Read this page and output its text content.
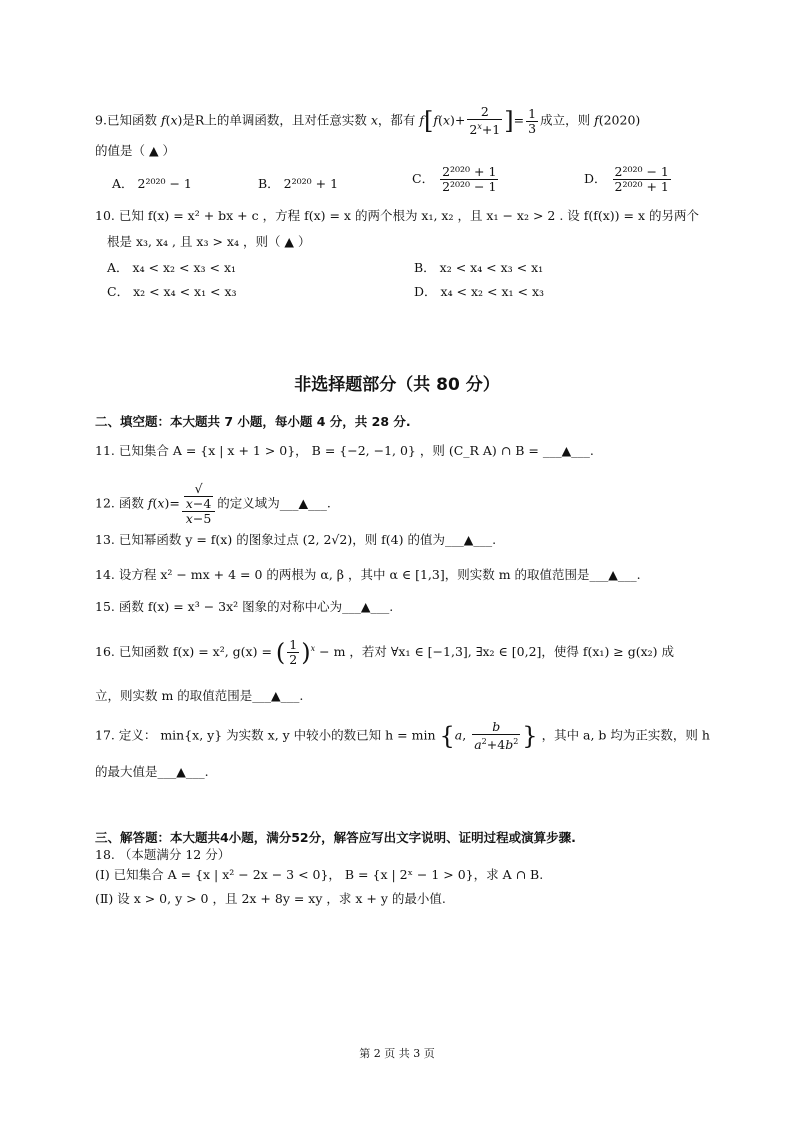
9.已知函数 f(x)是R上的单调函数，且对任意实数 x，都有 $f[f(x)+ \frac{2}{2^x+1}$ ]= $\frac{1}{3}$ 成立，则 f(2020)
的值是（ ▲ ）
A． 2²⁰²⁰ − 1	B． 2²⁰²⁰ + 1	C． $\frac{\text{2²⁰²⁰ + 1}}{\text{2²⁰²⁰ − 1}}$	D． $\frac{\text{2²⁰²⁰ − 1}}{\text{2²⁰²⁰ + 1}}$
10. 已知 f(x) = x² + bx + c ，方程 f(x) = x 的两个根为 x₁, x₂ ，且 x₁ − x₂ > 2 . 设 f(f(x)) = x 的另两个
根是 x₃, x₄ , 且 x₃ > x₄ ，则（ ▲ ）
A． x₄ < x₂ < x₃ < x₁	B． x₂ < x₄ < x₃ < x₁
C． x₂ < x₄ < x₁ < x₃	D． x₄ < x₂ < x₁ < x₃
非选择题部分（共 80 分）
二、填空题：本大题共 7 小题，每小题 4 分，共 28 分.
11. 已知集合 A = {x | x + 1 > 0}， B = {−2, −1, 0} ，则 (C_R A) ∩ B = ___▲___.
12. 函数 f(x)= √
x−4
x−5 的定义域为___▲___.
13. 已知幂函数 y = f(x) 的图象过点 (2, 2√2)，则 f(4) 的值为___▲___.
14. 设方程 x² − mx + 4 = 0 的两根为 α, β ，其中 α ∈ [1,3]，则实数 m 的取值范围是___▲___.
15. 函数 f(x) = x³ − 3x² 图象的对称中心为___▲___.
16. 已知函数 f(x) = x², g(x) = ( $\frac{1}{2} )^x - m$ ，若对 ∀x₁ ∈ [−1,3], ∃x₂ ∈ [0,2]，使得 f(x₁) ≥ g(x₂) 成
立，则实数 m 的取值范围是___▲___.
17. 定义： min{x, y} 为实数 x, y 中较小的数已知 h = min {a, $\frac{b}{a^2+4b^2}$ } ，其中 a, b 均为正实数，则 h
的最大值是___▲___.
三、解答题：本大题共4小题，满分52分，解答应写出文字说明、证明过程或演算步骤.
18. （本题满分 12 分）
(Ⅰ) 已知集合 A = {x | x² − 2x − 3 < 0}， B = {x | 2ˣ − 1 > 0}，求 A ∩ B.
(Ⅱ) 设 x > 0, y > 0 ，且 2x + 8y = xy ，求 x + y 的最小值.
第 2 页 共 3 页
